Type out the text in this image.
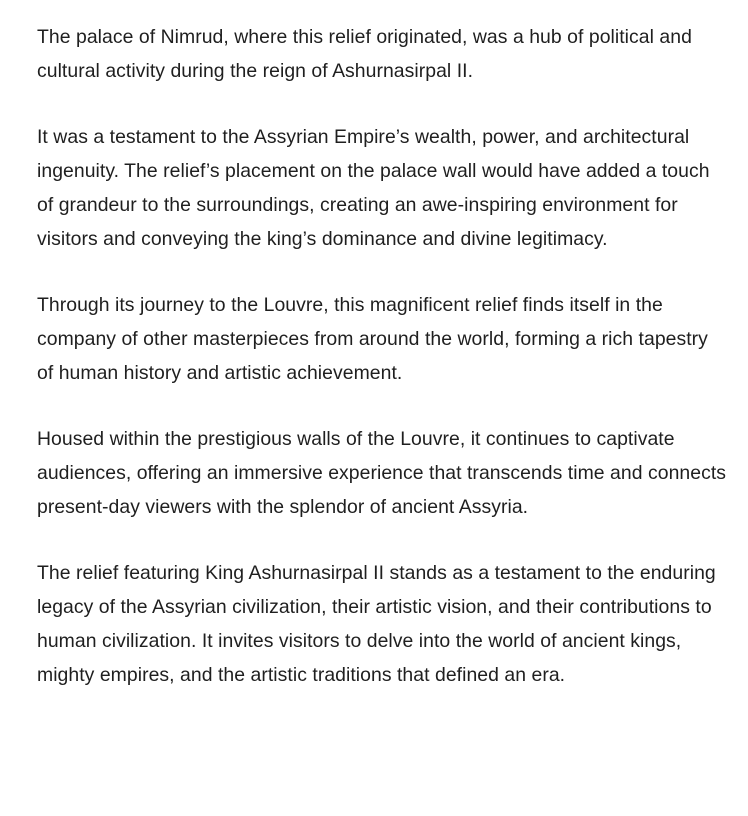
The palace of Nimrud, where this relief originated, was a hub of political and cultural activity during the reign of Ashurnasirpal II.

It was a testament to the Assyrian Empire’s wealth, power, and architectural ingenuity. The relief’s placement on the palace wall would have added a touch of grandeur to the surroundings, creating an awe-inspiring environment for visitors and conveying the king’s dominance and divine legitimacy.

Through its journey to the Louvre, this magnificent relief finds itself in the company of other masterpieces from around the world, forming a rich tapestry of human history and artistic achievement.

Housed within the prestigious walls of the Louvre, it continues to captivate audiences, offering an immersive experience that transcends time and connects present-day viewers with the splendor of ancient Assyria.

The relief featuring King Ashurnasirpal II stands as a testament to the enduring legacy of the Assyrian civilization, their artistic vision, and their contributions to human civilization. It invites visitors to delve into the world of ancient kings, mighty empires, and the artistic traditions that defined an era.
